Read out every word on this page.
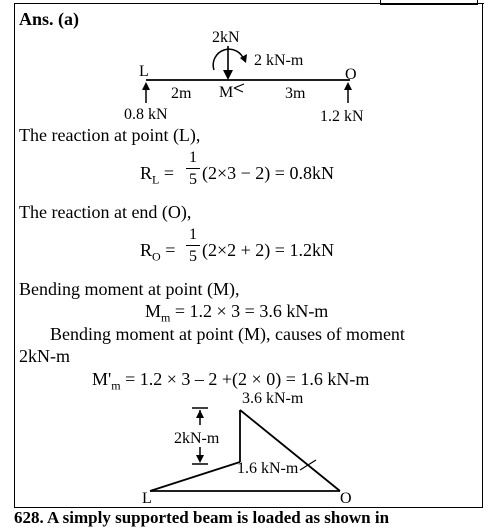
Ans. (a)
2kN
2 kN-m
L
M
O
2m	3m
0.8 kN	1.2 kN
The reaction at point (L),
$R_L$ =
1
5 (2×3 − 2) = 0.8kN
The reaction at end (O),
$R_O$ =
1
5 (2×2 + 2) = 1.2kN
Bending moment at point (M),
$M_m = 1.2 \times 3 = 3.6$ kN-m
Bending moment at point (M), causes of moment
2kN-m
$M'_m = 1.2 \times 3 - 2 +(2 \times 0) = 1.6$ kN-m
3.6 kN-m
2kN-m
1.6 kN-m
L	O
628. A simply supported beam is loaded as shown in
